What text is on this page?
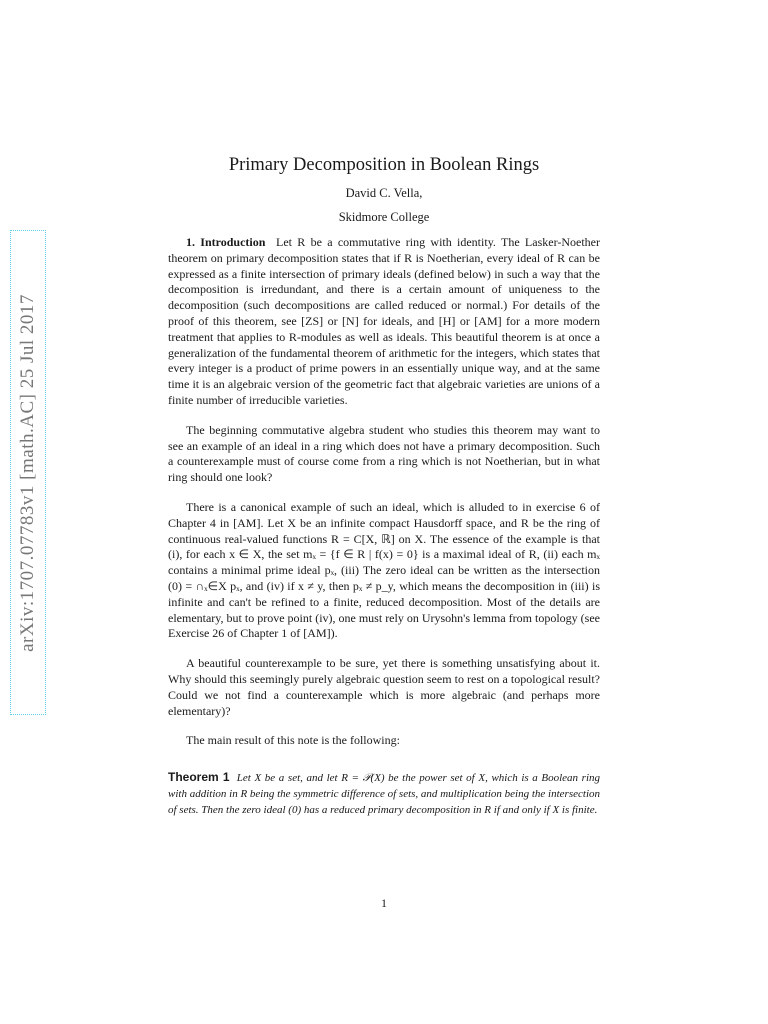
arXiv:1707.07783v1 [math.AC] 25 Jul 2017
Primary Decomposition in Boolean Rings
David C. Vella,
Skidmore College

1. Introduction Let R be a commutative ring with identity. The Lasker-Noether theorem on primary decomposition states that if R is Noetherian, every ideal of R can be expressed as a finite intersection of primary ideals (defined below) in such a way that the decomposition is irredundant, and there is a certain amount of uniqueness to the decomposition (such decompositions are called reduced or normal.) For details of the proof of this theorem, see [ZS] or [N] for ideals, and [H] or [AM] for a more modern treatment that applies to R-modules as well as ideals. This beautiful theorem is at once a generalization of the fundamental theorem of arithmetic for the integers, which states that every integer is a product of prime powers in an essentially unique way, and at the same time it is an algebraic version of the geometric fact that algebraic varieties are unions of a finite number of irreducible varieties.

The beginning commutative algebra student who studies this theorem may want to see an example of an ideal in a ring which does not have a primary decomposition. Such a counterexample must of course come from a ring which is not Noetherian, but in what ring should one look?

There is a canonical example of such an ideal, which is alluded to in exercise 6 of Chapter 4 in [AM]. Let X be an infinite compact Hausdorff space, and R be the ring of continuous real-valued functions R = C[X, ℝ] on X. The essence of the example is that (i), for each x ∈ X, the set mₓ = {f ∈ R | f(x) = 0} is a maximal ideal of R, (ii) each mₓ contains a minimal prime ideal pₓ, (iii) The zero ideal can be written as the intersection (0) = ∩ₓ∈X pₓ, and (iv) if x ≠ y, then pₓ ≠ p_y, which means the decomposition in (iii) is infinite and can't be refined to a finite, reduced decomposition. Most of the details are elementary, but to prove point (iv), one must rely on Urysohn's lemma from topology (see Exercise 26 of Chapter 1 of [AM]).

A beautiful counterexample to be sure, yet there is something unsatisfying about it. Why should this seemingly purely algebraic question seem to rest on a topological result? Could we not find a counterexample which is more algebraic (and perhaps more elementary)?

The main result of this note is the following:

Theorem 1 Let X be a set, and let R = 𝒫(X) be the power set of X, which is a Boolean ring with addition in R being the symmetric difference of sets, and multiplication being the intersection of sets. Then the zero ideal (0) has a reduced primary decomposition in R if and only if X is finite.

1
